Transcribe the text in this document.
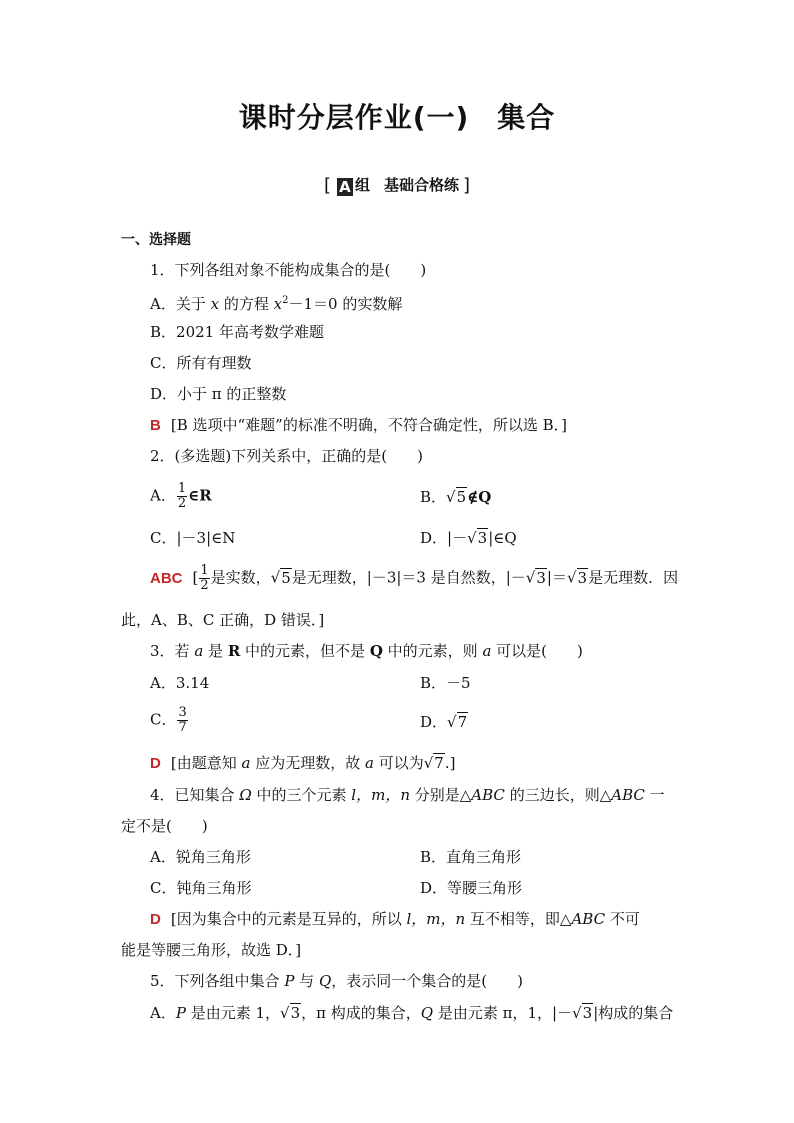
课时分层作业(一) 集合
[ A 组 基础合格练 ]
一、选择题
1．下列各组对象不能构成集合的是(　　)
A．关于 x 的方程 $x^2-1=0$ 的实数解
B．2021 年高考数学难题
C．所有有理数
D．小于 π 的正整数
B [B 选项中“难题”的标准不明确，不符合确定性，所以选 B．]
2．(多选题)下列关系中，正确的是(　　)
A． $\frac{1}{2}$ ∈R	B．√5∉Q
C．|－3|∈N	D．|－√3|∈Q
ABC [ $\frac{1}{2}$ 是实数，√5是无理数，|－3|＝3 是自然数，|－√3|＝√3是无理数．因
此，A、B、C 正确，D 错误．]
3．若 a 是 R 中的元素，但不是 Q 中的元素，则 a 可以是(　　)
A．3.14	B．－5
C． $\frac{3}{7}$	D．√7
D [由题意知 a 应为无理数，故 a 可以为√7.]
4．已知集合 Ω 中的三个元素 l，m，n 分别是△ABC 的三边长，则△ABC 一
定不是(　　)
A．锐角三角形	B．直角三角形
C．钝角三角形	D．等腰三角形
D [因为集合中的元素是互异的，所以 l，m，n 互不相等，即△ABC 不可
能是等腰三角形，故选 D．]
5．下列各组中集合 P 与 Q，表示同一个集合的是(　　)
A．P 是由元素 1，√3，π 构成的集合，Q 是由元素 π，1，|－√3|构成的集合
